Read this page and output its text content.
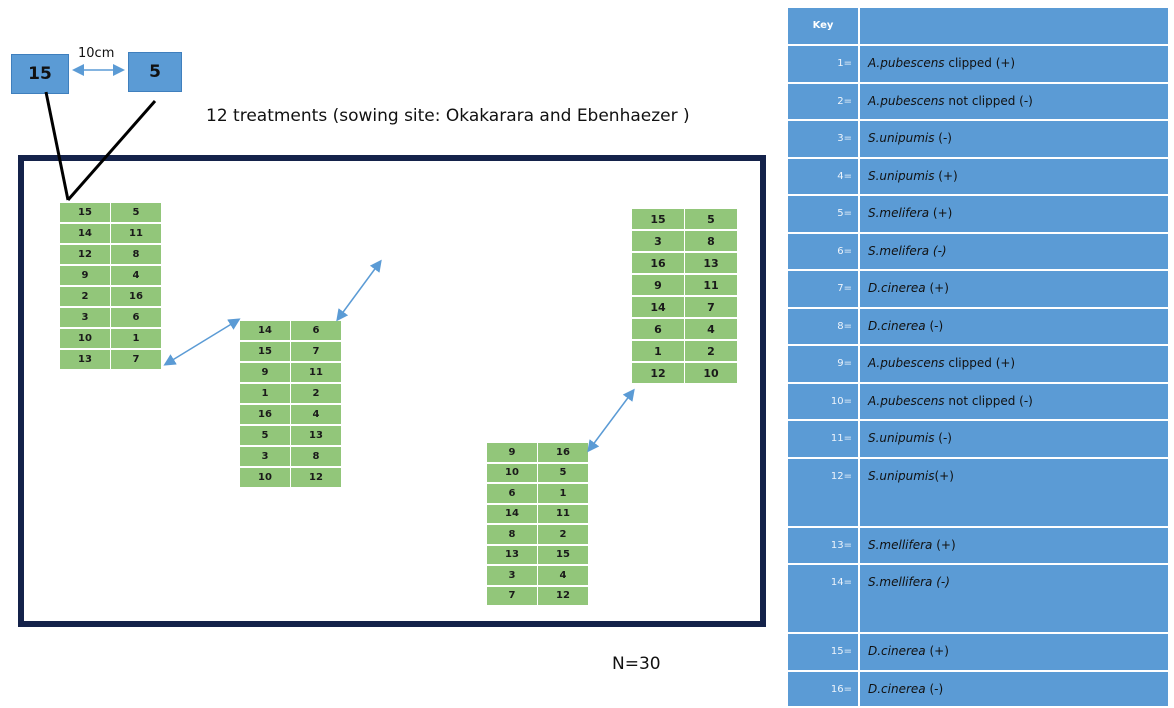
15	5
10cm
12 treatments (sowing site: Okakarara and Ebenhaezer )
15	5
14	11
12	8
9	4
2	16
3	6
10	1
13	7
14	6
15	7
9	11
1	2
16	4
5	13
3	8
10	12
15	5
3	8
16	13
9	11
14	7
6	4
1	2
12	10
9	16
10	5
6	1
14	11
8	2
13	15
3	4
7	12
N=30
Key
1=	A.pubescens clipped (+)
2=	A.pubescens not clipped (-)
3=	S.unipumis (-)
4=	S.unipumis (+)
5=	S.melifera (+)
6=	S.melifera (-)
7=	D.cinerea (+)
8=	D.cinerea (-)
9=	A.pubescens clipped (+)
10=	A.pubescens not clipped (-)
11=	S.unipumis (-)
12=	S.unipumis(+)
13=	S.mellifera (+)
14=	S.mellifera (-)
15=	D.cinerea (+)
16=	D.cinerea (-)
